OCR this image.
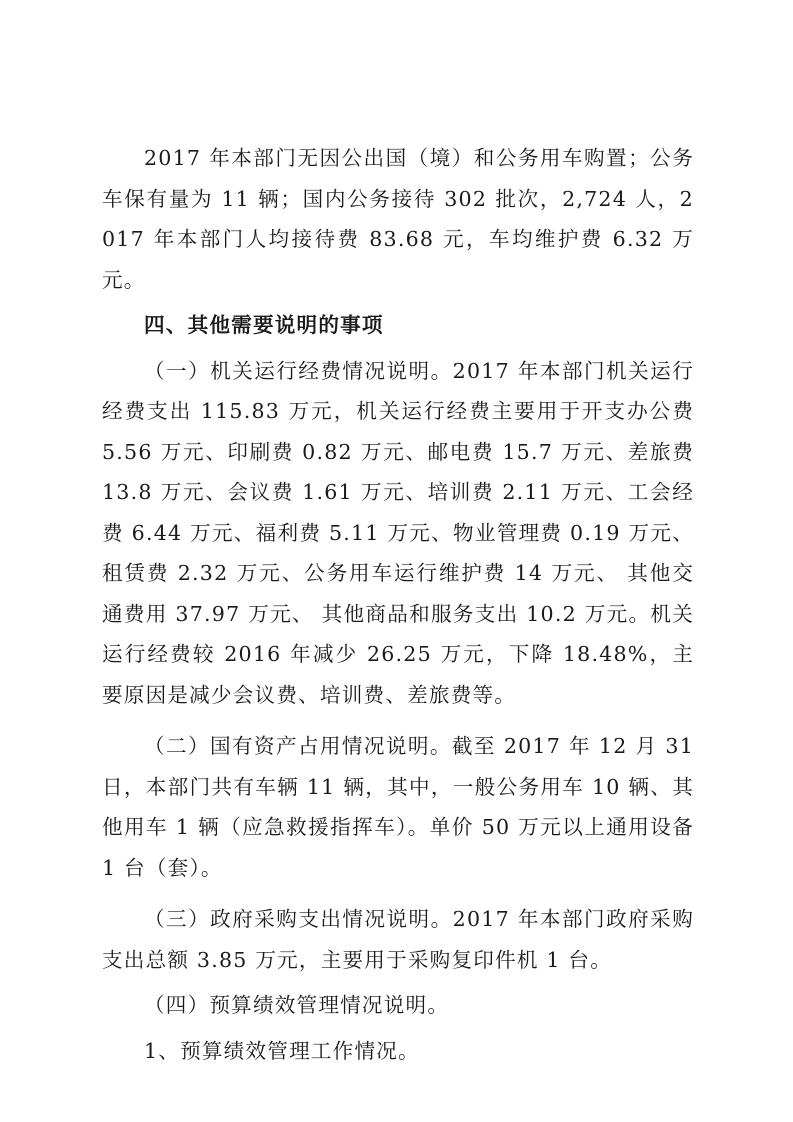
2017 年本部门无因公出国（境）和公务用车购置；公务车保有量为 11 辆；国内公务接待 302 批次，2,724 人，2017 年本部门人均接待费 83.68 元，车均维护费 6.32 万元。

四、其他需要说明的事项

（一）机关运行经费情况说明。2017 年本部门机关运行经费支出 115.83 万元，机关运行经费主要用于开支办公费 5.56 万元、印刷费 0.82 万元、邮电费 15.7 万元、差旅费 13.8 万元、会议费 1.61 万元、培训费 2.11 万元、工会经费 6.44 万元、福利费 5.11 万元、物业管理费 0.19 万元、租赁费 2.32 万元、公务用车运行维护费 14 万元、 其他交通费用 37.97 万元、 其他商品和服务支出 10.2 万元。机关运行经费较 2016 年减少 26.25 万元，下降 18.48%，主要原因是减少会议费、培训费、差旅费等。

（二）国有资产占用情况说明。截至 2017 年 12 月 31 日，本部门共有车辆 11 辆，其中，一般公务用车 10 辆、其他用车 1 辆（应急救援指挥车）。单价 50 万元以上通用设备 1 台（套）。

（三）政府采购支出情况说明。2017 年本部门政府采购支出总额 3.85 万元，主要用于采购复印件机 1 台。

（四）预算绩效管理情况说明。

1、预算绩效管理工作情况。
